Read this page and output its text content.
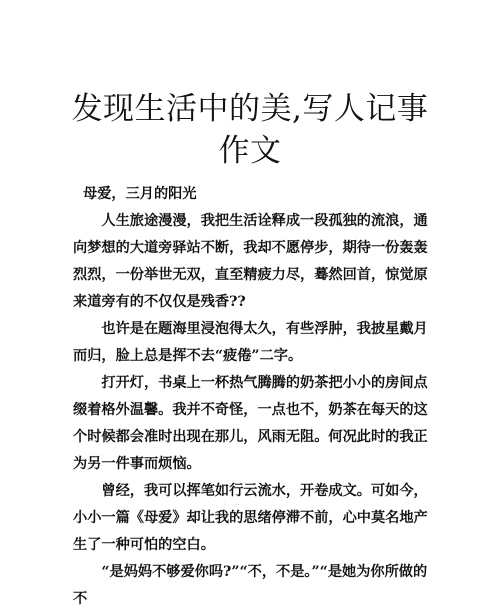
发现生活中的美,写人记事
作文

母爱，三月的阳光

人生旅途漫漫，我把生活诠释成一段孤独的流浪，通向梦想的大道旁驿站不断，我却不愿停步，期待一份轰轰烈烈，一份举世无双，直至精疲力尽，蓦然回首，惊觉原来道旁有的不仅仅是残香??

也许是在题海里浸泡得太久，有些浮肿，我披星戴月而归，脸上总是挥不去“疲倦”二字。

打开灯，书桌上一杯热气腾腾的奶茶把小小的房间点缀着格外温馨。我并不奇怪，一点也不，奶茶在每天的这个时候都会准时出现在那儿，风雨无阻。何况此时的我正为另一件事而烦恼。

曾经，我可以挥笔如行云流水，开卷成文。可如今，小小一篇《母爱》却让我的思绪停滞不前，心中莫名地产生了一种可怕的空白。

“是妈妈不够爱你吗?”“不，不是。”“是她为你所做的不
